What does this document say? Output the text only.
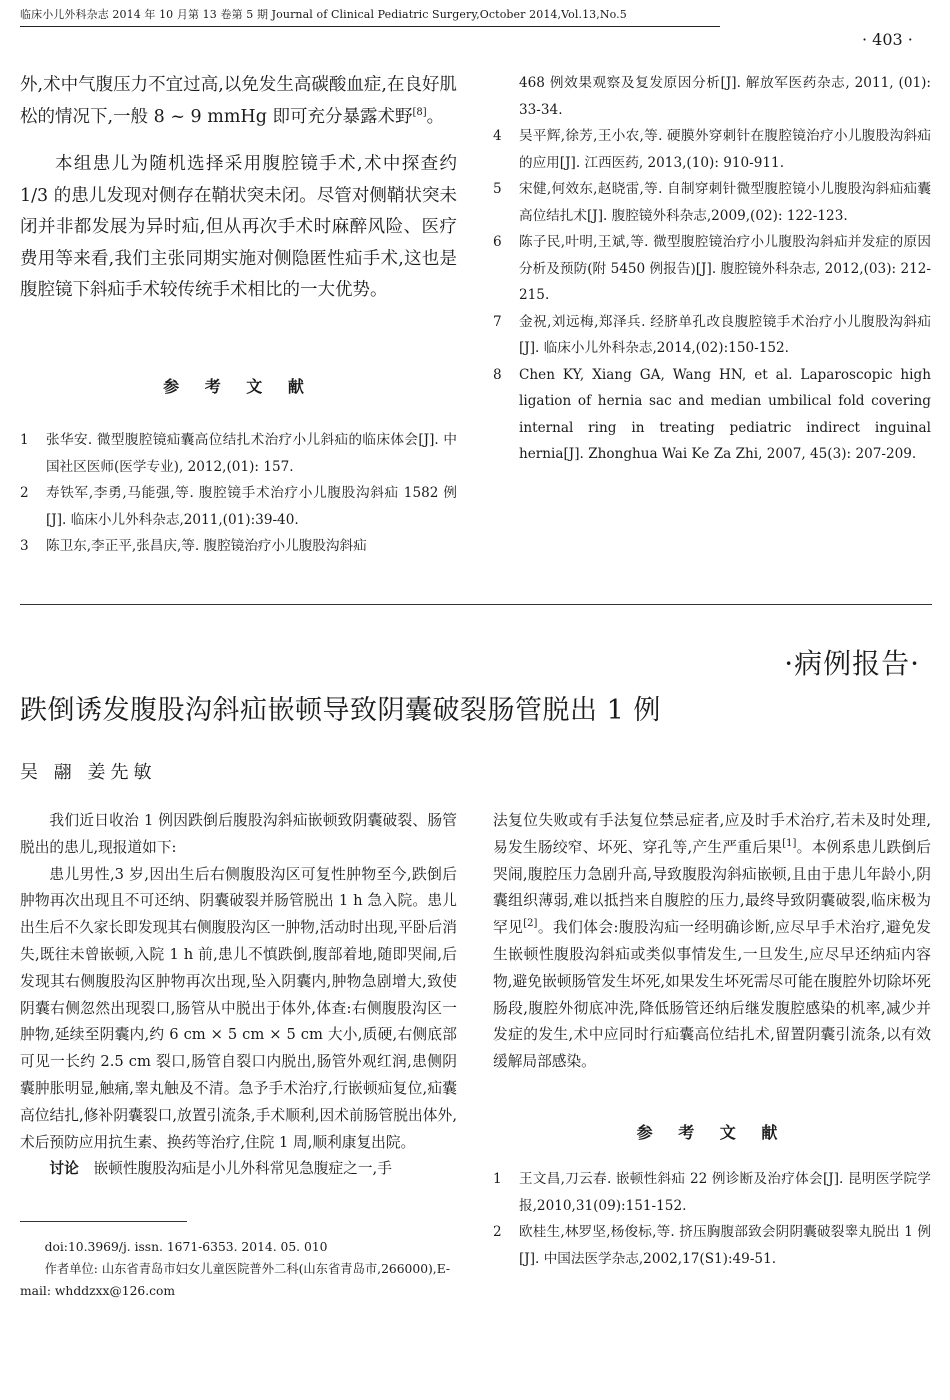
临床小儿外科杂志 2014 年 10 月第 13 卷第 5 期 Journal of Clinical Pediatric Surgery,October 2014,Vol.13,No.5
· 403 ·

外,术中气腹压力不宜过高,以免发生高碳酸血症,在良好肌松的情况下,一般 8 ~ 9 mmHg 即可充分暴露术野[8]。

本组患儿为随机选择采用腹腔镜手术,术中探查约 1/3 的患儿发现对侧存在鞘状突未闭。尽管对侧鞘状突未闭并非都发展为异时疝,但从再次手术时麻醉风险、医疗费用等来看,我们主张同期实施对侧隐匿性疝手术,这也是腹腔镜下斜疝手术较传统手术相比的一大优势。

参 考 文 献
1	张华安. 微型腹腔镜疝囊高位结扎术治疗小儿斜疝的临床体会[J]. 中国社区医师(医学专业), 2012,(01): 157.
2	寿铁军,李勇,马能强,等. 腹腔镜手术治疗小儿腹股沟斜疝 1582 例[J]. 临床小儿外科杂志,2011,(01):39-40.
3	陈卫东,李正平,张昌庆,等. 腹腔镜治疗小儿腹股沟斜疝
468 例效果观察及复发原因分析[J]. 解放军医药杂志, 2011, (01): 33-34.
4	吴平辉,徐芳,王小农,等. 硬膜外穿刺针在腹腔镜治疗小儿腹股沟斜疝的应用[J]. 江西医药, 2013,(10): 910-911.
5	宋健,何效东,赵晓雷,等. 自制穿刺针微型腹腔镜小儿腹股沟斜疝疝囊高位结扎术[J]. 腹腔镜外科杂志,2009,(02): 122-123.
6	陈子民,叶明,王斌,等. 微型腹腔镜治疗小儿腹股沟斜疝并发症的原因分析及预防(附 5450 例报告)[J]. 腹腔镜外科杂志, 2012,(03): 212-215.
7	金祝,刘远梅,郑泽兵. 经脐单孔改良腹腔镜手术治疗小儿腹股沟斜疝[J]. 临床小儿外科杂志,2014,(02):150-152.
8	Chen KY, Xiang GA, Wang HN, et al. Laparoscopic high ligation of hernia sac and median umbilical fold covering internal ring in treating pediatric indirect inguinal hernia[J]. Zhonghua Wai Ke Za Zhi, 2007, 45(3): 207-209.
·病例报告·
跌倒诱发腹股沟斜疝嵌顿导致阴囊破裂肠管脱出 1 例
吴 翮 姜先敏

我们近日收治 1 例因跌倒后腹股沟斜疝嵌顿致阴囊破裂、肠管脱出的患儿,现报道如下:

患儿男性,3 岁,因出生后右侧腹股沟区可复性肿物至今,跌倒后肿物再次出现且不可还纳、阴囊破裂并肠管脱出 1 h 急入院。患儿出生后不久家长即发现其右侧腹股沟区一肿物,活动时出现,平卧后消失,既往未曾嵌顿,入院 1 h 前,患儿不慎跌倒,腹部着地,随即哭闹,后发现其右侧腹股沟区肿物再次出现,坠入阴囊内,肿物急剧增大,致使阴囊右侧忽然出现裂口,肠管从中脱出于体外,体查:右侧腹股沟区一肿物,延续至阴囊内,约 6 cm × 5 cm × 5 cm 大小,质硬,右侧底部可见一长约 2.5 cm 裂口,肠管自裂口内脱出,肠管外观红润,患侧阴囊肿胀明显,触痛,睾丸触及不清。急予手术治疗,行嵌顿疝复位,疝囊高位结扎,修补阴囊裂口,放置引流条,手术顺利,因术前肠管脱出体外,术后预防应用抗生素、换药等治疗,住院 1 周,顺利康复出院。

讨论  嵌顿性腹股沟疝是小儿外科常见急腹症之一,手

doi:10.3969/j. issn. 1671-6353. 2014. 05. 010

作者单位: 山东省青岛市妇女儿童医院普外二科(山东省青岛市,266000),E-mail: whddzxx@126.com

法复位失败或有手法复位禁忌症者,应及时手术治疗,若未及时处理,易发生肠绞窄、坏死、穿孔等,产生严重后果[1]。本例系患儿跌倒后哭闹,腹腔压力急剧升高,导致腹股沟斜疝嵌顿,且由于患儿年龄小,阴囊组织薄弱,难以抵挡来自腹腔的压力,最终导致阴囊破裂,临床极为罕见[2]。我们体会:腹股沟疝一经明确诊断,应尽早手术治疗,避免发生嵌顿性腹股沟斜疝或类似事情发生,一旦发生,应尽早还纳疝内容物,避免嵌顿肠管发生坏死,如果发生坏死需尽可能在腹腔外切除坏死肠段,腹腔外彻底冲洗,降低肠管还纳后继发腹腔感染的机率,减少并发症的发生,术中应同时行疝囊高位结扎术,留置阴囊引流条,以有效缓解局部感染。

参 考 文 献
1	王文昌,刀云春. 嵌顿性斜疝 22 例诊断及治疗体会[J]. 昆明医学院学报,2010,31(09):151-152.
2	欧桂生,林罗坚,杨俊标,等. 挤压胸腹部致会阴阴囊破裂睾丸脱出 1 例[J]. 中国法医学杂志,2002,17(S1):49-51.
